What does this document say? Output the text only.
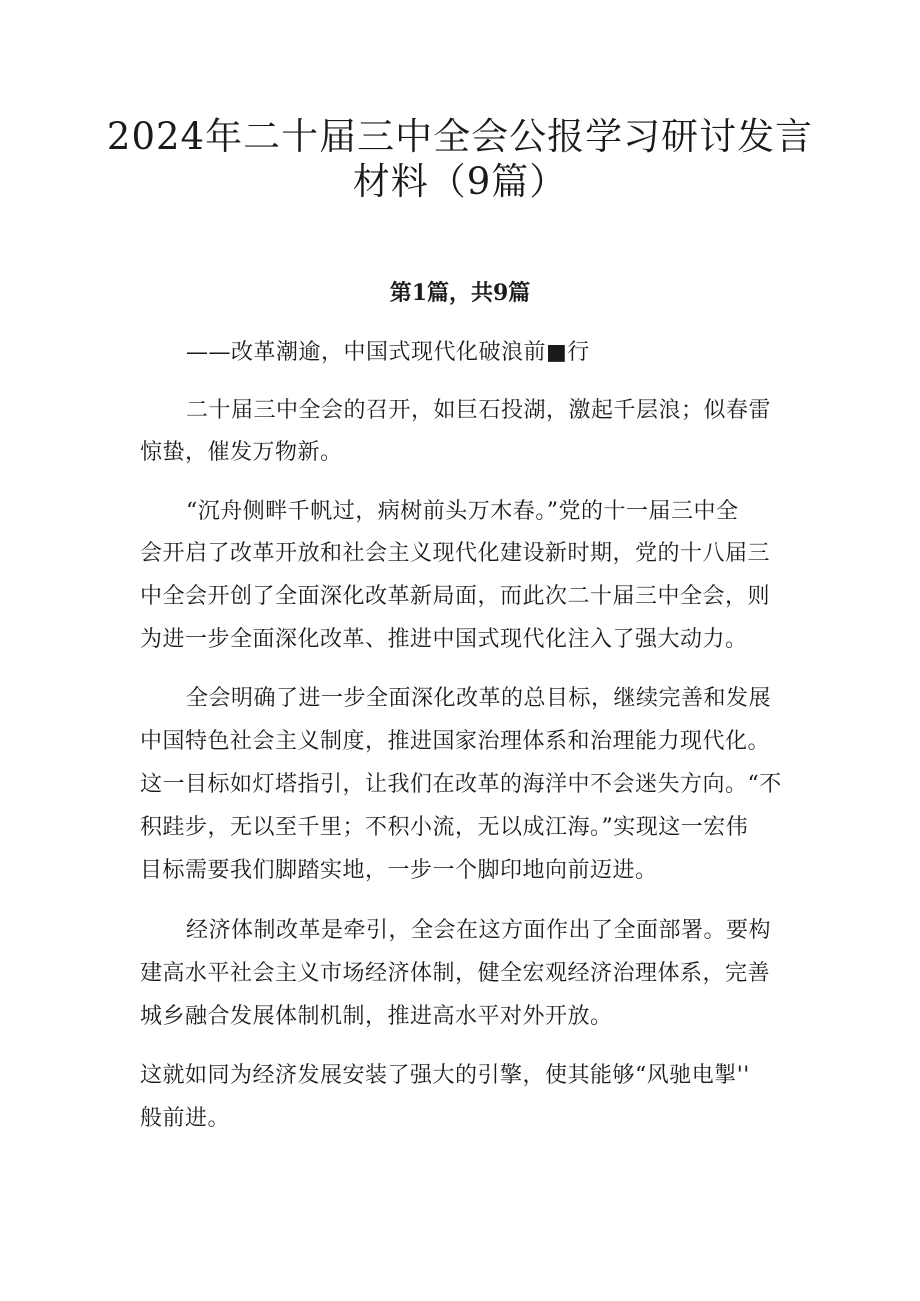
2024年二十届三中全会公报学习研讨发言
材料（9篇）
第1篇，共9篇

——改革潮逾，中国式现代化破浪前■行

二十届三中全会的召开，如巨石投湖，激起千层浪；似春雷

惊蛰，催发万物新。

“沉舟侧畔千帆过，病树前头万木春。”党的十一届三中全

会开启了改革开放和社会主义现代化建设新时期，党的十八届三

中全会开创了全面深化改革新局面，而此次二十届三中全会，则

为进一步全面深化改革、推进中国式现代化注入了强大动力。

全会明确了进一步全面深化改革的总目标，继续完善和发展

中国特色社会主义制度，推进国家治理体系和治理能力现代化。

这一目标如灯塔指引，让我们在改革的海洋中不会迷失方向。“不

积跬步，无以至千里；不积小流，无以成江海。”实现这一宏伟

目标需要我们脚踏实地，一步一个脚印地向前迈进。

经济体制改革是牵引，全会在这方面作出了全面部署。要构

建高水平社会主义市场经济体制，健全宏观经济治理体系，完善

城乡融合发展体制机制，推进高水平对外开放。

这就如同为经济发展安装了强大的引擎，使其能够“风驰电掣''

般前进。
